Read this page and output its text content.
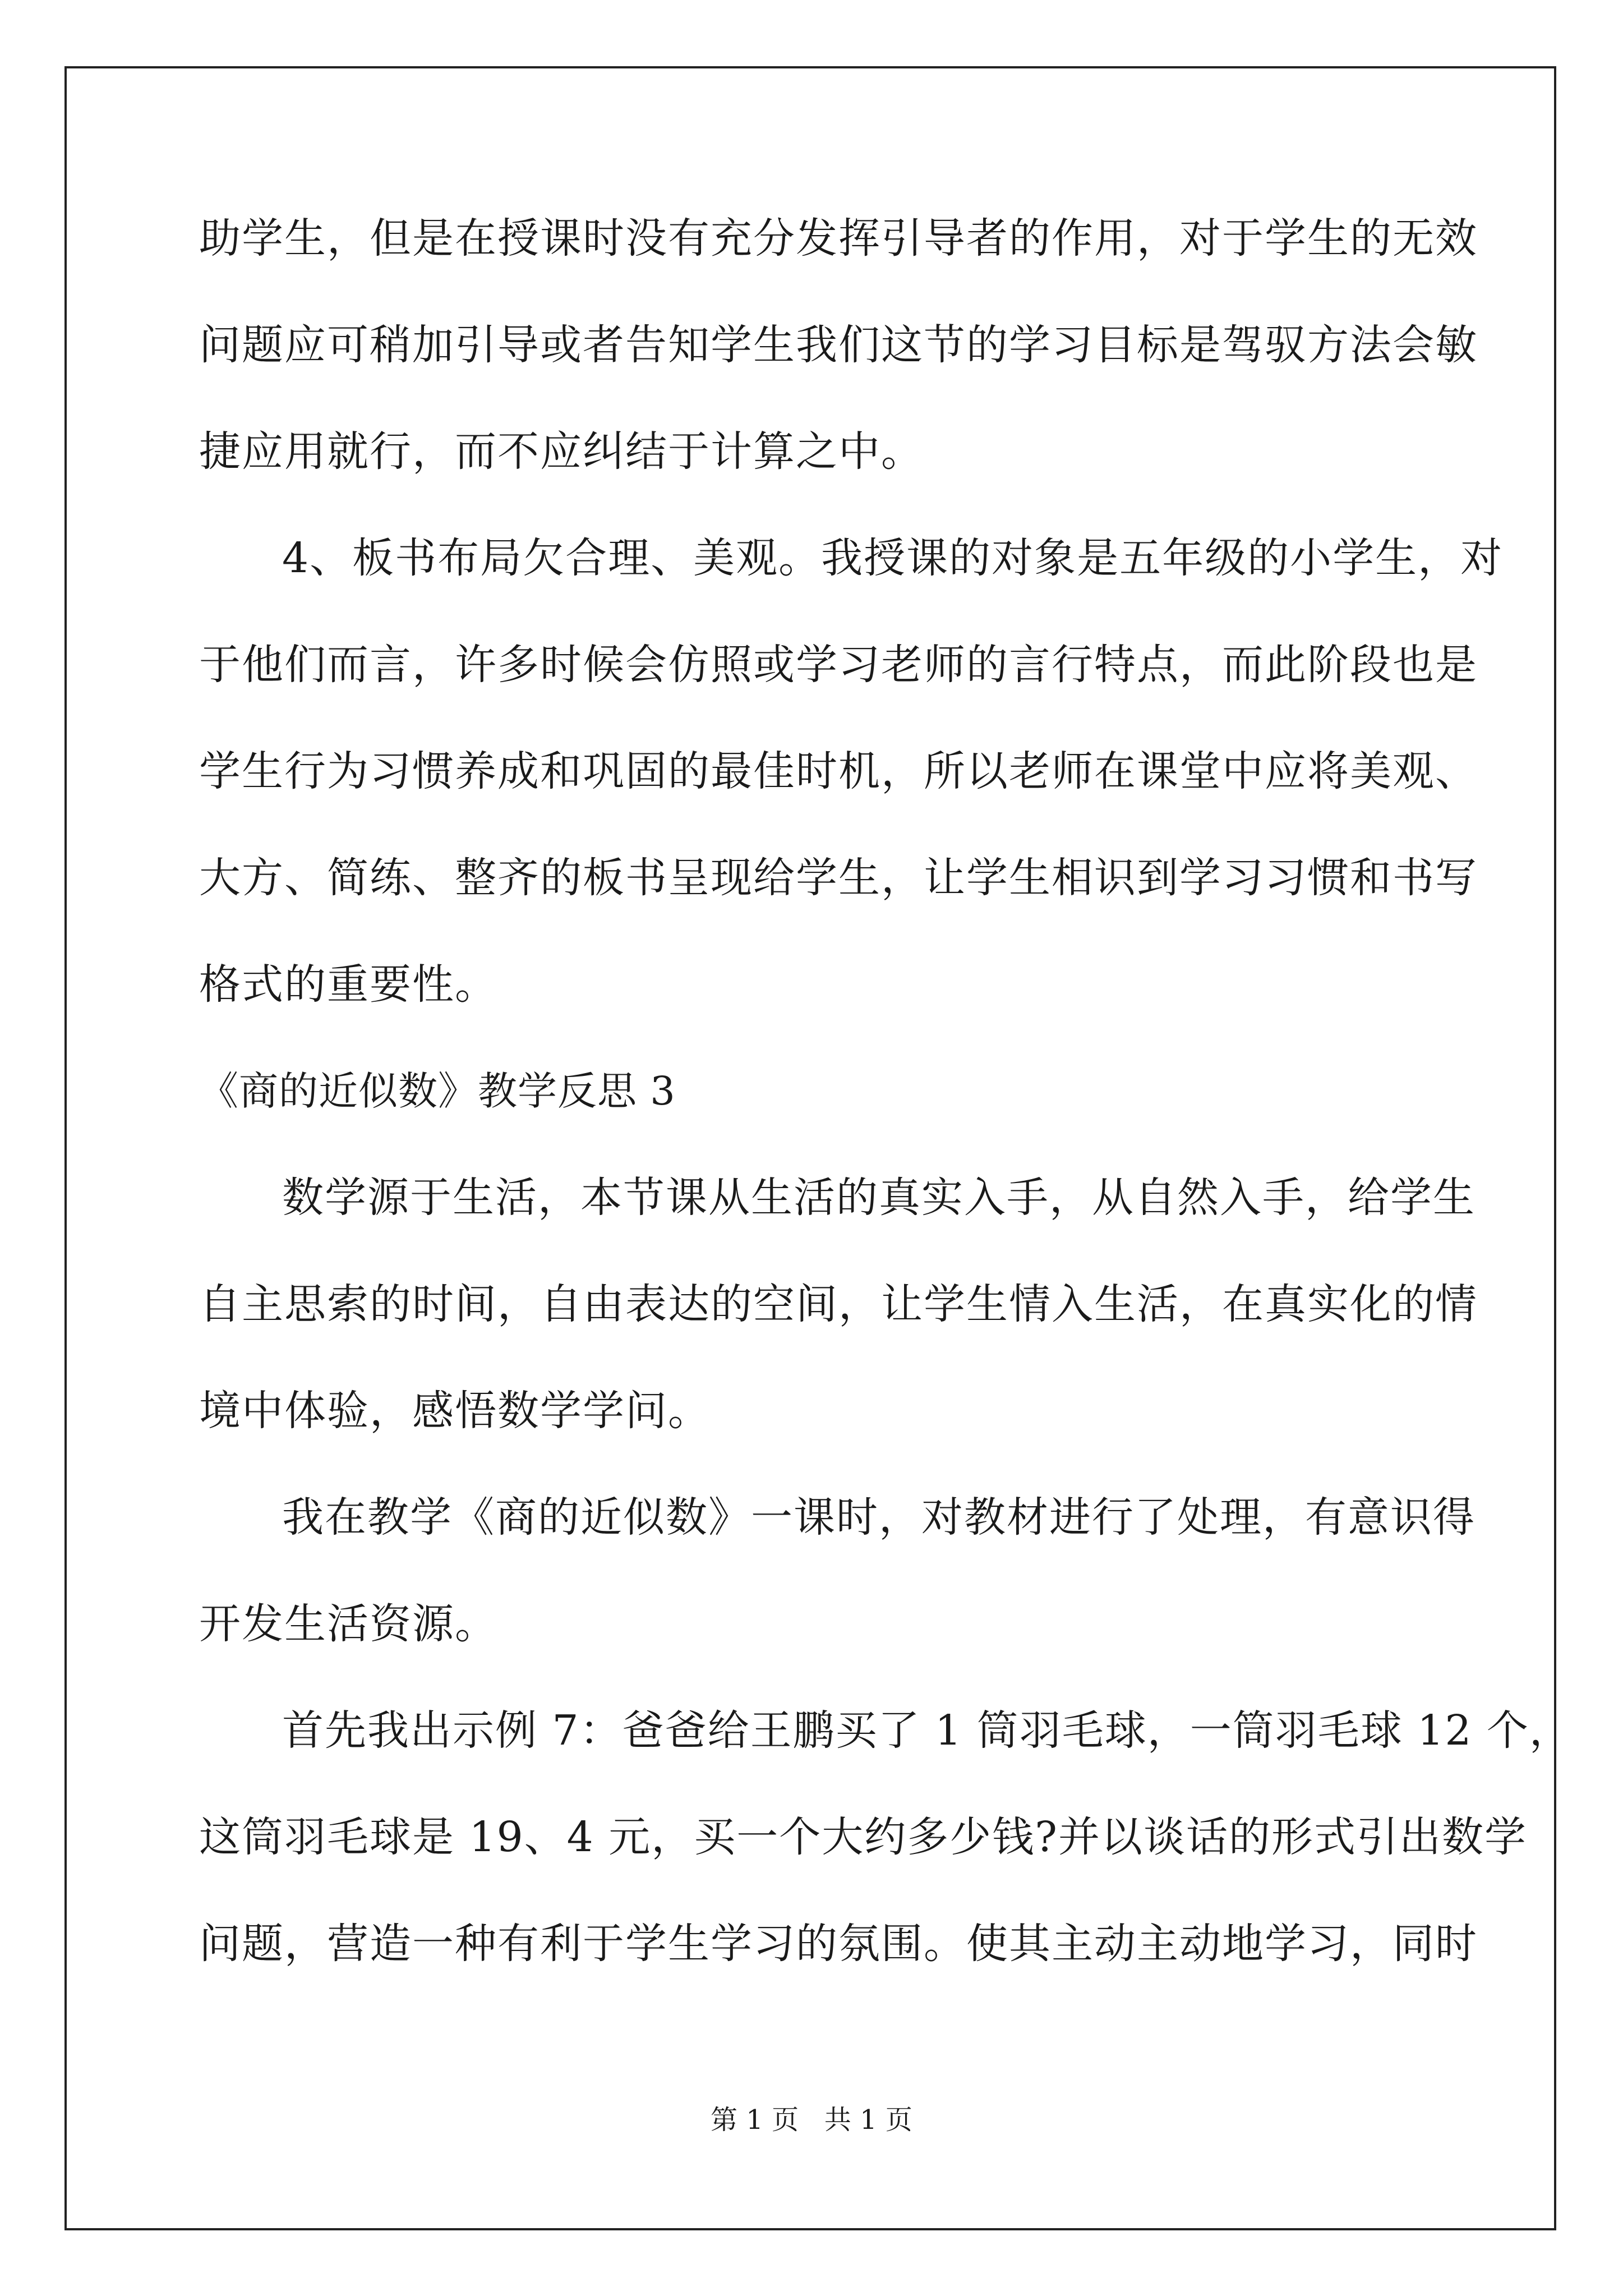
助学生，但是在授课时没有充分发挥引导者的作用，对于学生的无效
问题应可稍加引导或者告知学生我们这节的学习目标是驾驭方法会敏
捷应用就行，而不应纠结于计算之中。
4、板书布局欠合理、美观。我授课的对象是五年级的小学生，对
于他们而言，许多时候会仿照或学习老师的言行特点，而此阶段也是
学生行为习惯养成和巩固的最佳时机，所以老师在课堂中应将美观、
大方、简练、整齐的板书呈现给学生，让学生相识到学习习惯和书写
格式的重要性。
《商的近似数》教学反思 3
数学源于生活，本节课从生活的真实入手，从自然入手，给学生
自主思索的时间，自由表达的空间，让学生情入生活，在真实化的情
境中体验，感悟数学学问。
我在教学《商的近似数》一课时，对教材进行了处理，有意识得
开发生活资源。
首先我出示例 7：爸爸给王鹏买了 1 筒羽毛球，一筒羽毛球 12 个，
这筒羽毛球是 19、4 元，买一个大约多少钱?并以谈话的形式引出数学
问题，营造一种有利于学生学习的氛围。使其主动主动地学习，同时
第 1 页   共 1 页
